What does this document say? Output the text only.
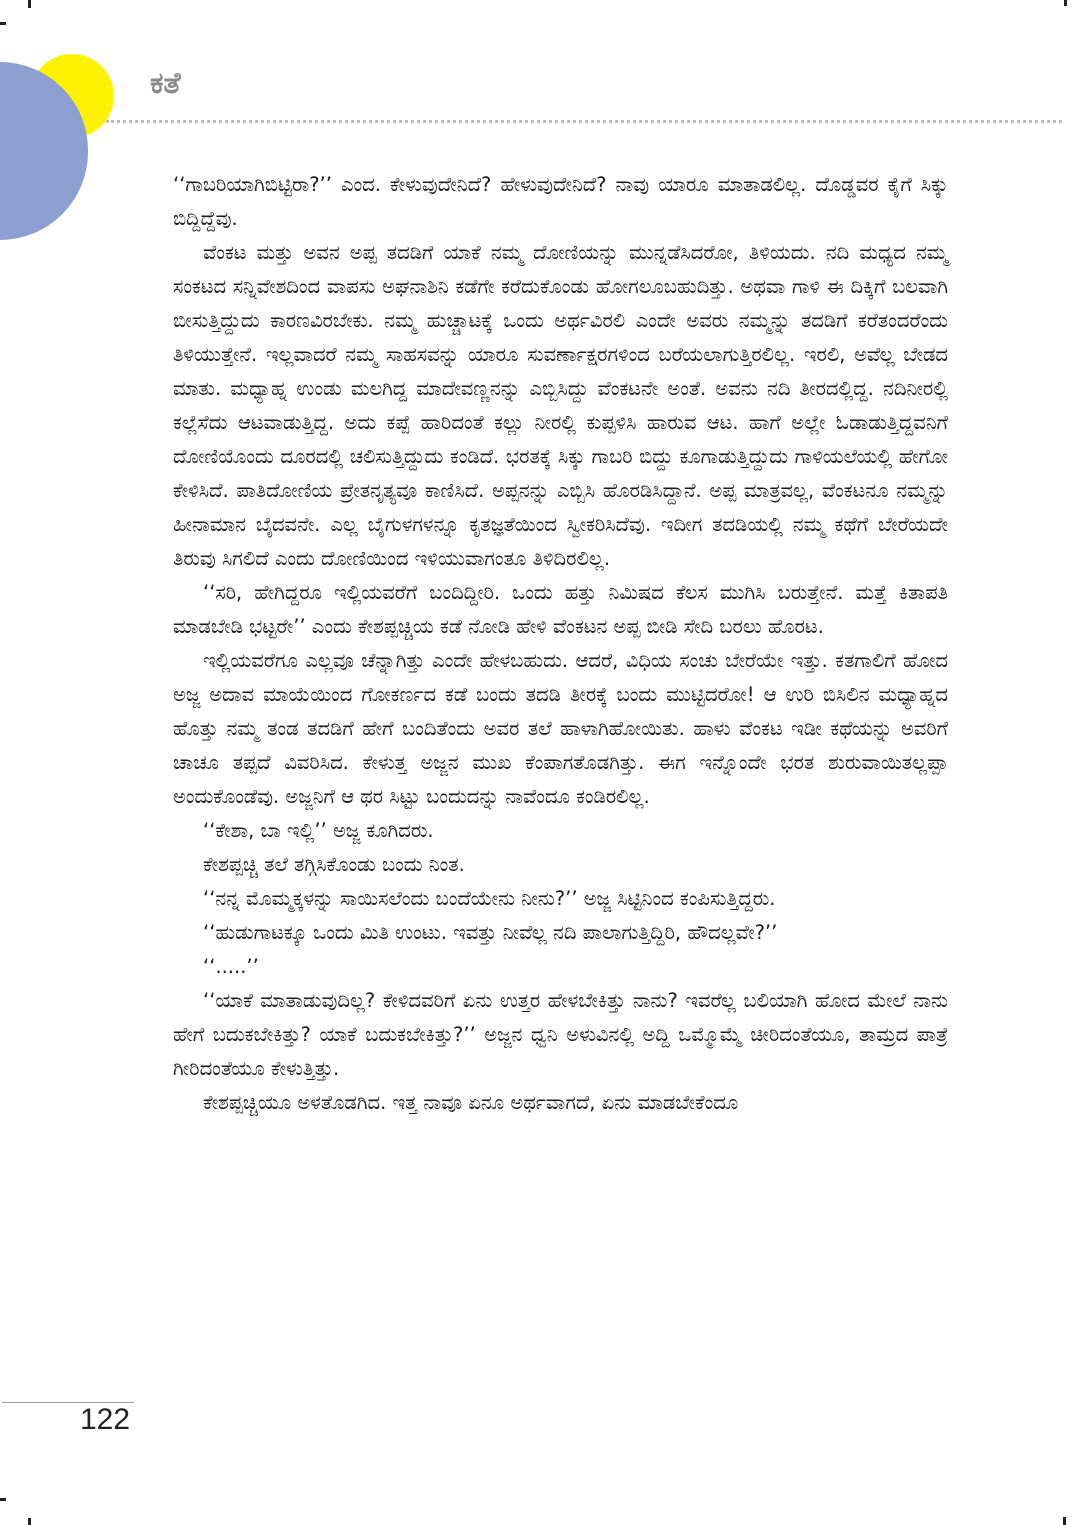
ಕತೆ

‘‘ಗಾಬರಿಯಾಗಿಬಿಟ್ಟಿರಾ?’’ ಎಂದ. ಕೇಳುವುದೇನಿದೆ? ಹೇಳುವುದೇನಿದೆ? ನಾವು ಯಾರೂ ಮಾತಾಡಲಿಲ್ಲ. ದೊಡ್ಡವರ ಕೈಗೆ ಸಿಕ್ಕು ಬಿದ್ದಿದ್ದೆವು.

ವೆಂಕಟ ಮತ್ತು ಅವನ ಅಪ್ಪ ತದಡಿಗೆ ಯಾಕೆ ನಮ್ಮ ದೋಣಿಯನ್ನು ಮುನ್ನಡೆಸಿದರೋ, ತಿಳಿಯದು. ನದಿ ಮಧ್ಯದ ನಮ್ಮ ಸಂಕಟದ ಸನ್ನಿವೇಶದಿಂದ ವಾಪಸು ಅಘನಾಶಿನಿ ಕಡೆಗೇ ಕರೆದುಕೊಂಡು ಹೋಗಲೂಬಹುದಿತ್ತು. ಅಥವಾ ಗಾಳಿ ಈ ದಿಕ್ಕಿಗೆ ಬಲವಾಗಿ ಬೀಸುತ್ತಿದ್ದುದು ಕಾರಣವಿರಬೇಕು. ನಮ್ಮ ಹುಚ್ಚಾಟಕ್ಕೆ ಒಂದು ಅರ್ಥವಿರಲಿ ಎಂದೇ ಅವರು ನಮ್ಮನ್ನು ತದಡಿಗೆ ಕರೆತಂದರೆಂದು ತಿಳಿಯುತ್ತೇನೆ. ಇಲ್ಲವಾದರೆ ನಮ್ಮ ಸಾಹಸವನ್ನು ಯಾರೂ ಸುವರ್ಣಾಕ್ಷರಗಳಿಂದ ಬರೆಯಲಾಗುತ್ತಿರಲಿಲ್ಲ. ಇರಲಿ, ಅವೆಲ್ಲ ಬೇಡದ ಮಾತು. ಮಧ್ಯಾಹ್ನ ಉಂಡು ಮಲಗಿದ್ದ ಮಾದೇವಣ್ಣನನ್ನು ಎಬ್ಬಿಸಿದ್ದು ವೆಂಕಟನೇ ಅಂತೆ. ಅವನು ನದಿ ತೀರದಲ್ಲಿದ್ದ. ನದಿನೀರಲ್ಲಿ ಕಲ್ಲೆಸೆದು ಆಟವಾಡುತ್ತಿದ್ದ. ಅದು ಕಪ್ಪೆ ಹಾರಿದಂತೆ ಕಲ್ಲು ನೀರಲ್ಲಿ ಕುಪ್ಪಳಿಸಿ ಹಾರುವ ಆಟ. ಹಾಗೆ ಅಲ್ಲೇ ಓಡಾಡುತ್ತಿದ್ದವನಿಗೆ ದೋಣಿಯೊಂದು ದೂರದಲ್ಲಿ ಚಲಿಸುತ್ತಿದ್ದುದು ಕಂಡಿದೆ. ಭರತಕ್ಕೆ ಸಿಕ್ಕು ಗಾಬರಿ ಬಿದ್ದು ಕೂಗಾಡುತ್ತಿದ್ದುದು ಗಾಳಿಯಲೆಯಲ್ಲಿ ಹೇಗೋ ಕೇಳಿಸಿದೆ. ಪಾತಿದೋಣಿಯ ಪ್ರೇತನೃತ್ಯವೂ ಕಾಣಿಸಿದೆ. ಅಪ್ಪನನ್ನು ಎಬ್ಬಿಸಿ ಹೊರಡಿಸಿದ್ದಾನೆ. ಅಪ್ಪ ಮಾತ್ರವಲ್ಲ, ವೆಂಕಟನೂ ನಮ್ಮನ್ನು ಹೀನಾಮಾನ ಬೈದವನೇ. ಎಲ್ಲ ಬೈಗುಳಗಳನ್ನೂ ಕೃತಜ್ಞತೆಯಿಂದ ಸ್ವೀಕರಿಸಿದೆವು. ಇದೀಗ ತದಡಿಯಲ್ಲಿ ನಮ್ಮ ಕಥೆಗೆ ಬೇರೆಯದೇ ತಿರುವು ಸಿಗಲಿದೆ ಎಂದು ದೋಣಿಯಿಂದ ಇಳಿಯುವಾಗಂತೂ ತಿಳಿದಿರಲಿಲ್ಲ.

‘‘ಸರಿ, ಹೇಗಿದ್ದರೂ ಇಲ್ಲಿಯವರೆಗೆ ಬಂದಿದ್ದೀರಿ. ಒಂದು ಹತ್ತು ನಿಮಿಷದ ಕೆಲಸ ಮುಗಿಸಿ ಬರುತ್ತೇನೆ. ಮತ್ತೆ ಕಿತಾಪತಿ ಮಾಡಬೇಡಿ ಭಟ್ಟರೇ’’ ಎಂದು ಕೇಶಪ್ಪಚ್ಚಿಯ ಕಡೆ ನೋಡಿ ಹೇಳಿ ವೆಂಕಟನ ಅಪ್ಪ ಬೀಡಿ ಸೇದಿ ಬರಲು ಹೊರಟ.

ಇಲ್ಲಿಯವರೆಗೂ ಎಲ್ಲವೂ ಚೆನ್ನಾಗಿತ್ತು ಎಂದೇ ಹೇಳಬಹುದು. ಆದರೆ, ವಿಧಿಯ ಸಂಚು ಬೇರೆಯೇ ಇತ್ತು. ಕತಗಾಲಿಗೆ ಹೋದ ಅಜ್ಜ ಅದಾವ ಮಾಯೆಯಿಂದ ಗೋಕರ್ಣದ ಕಡೆ ಬಂದು ತದಡಿ ತೀರಕ್ಕೆ ಬಂದು ಮುಟ್ಟಿದರೋ! ಆ ಉರಿ ಬಿಸಿಲಿನ ಮಧ್ಯಾಹ್ನದ ಹೊತ್ತು ನಮ್ಮ ತಂಡ ತದಡಿಗೆ ಹೇಗೆ ಬಂದಿತೆಂದು ಅವರ ತಲೆ ಹಾಳಾಗಿಹೋಯಿತು. ಹಾಳು ವೆಂಕಟ ಇಡೀ ಕಥೆಯನ್ನು ಅವರಿಗೆ ಚಾಚೂ ತಪ್ಪದೆ ವಿವರಿಸಿದ. ಕೇಳುತ್ತ ಅಜ್ಜನ ಮುಖ ಕೆಂಪಾಗತೊಡಗಿತ್ತು. ಈಗ ಇನ್ನೊಂದೇ ಭರತ ಶುರುವಾಯಿತಲ್ಲಪ್ಪಾ ಅಂದುಕೊಂಡೆವು. ಅಜ್ಜನಿಗೆ ಆ ಥರ ಸಿಟ್ಟು ಬಂದುದನ್ನು ನಾವೆಂದೂ ಕಂಡಿರಲಿಲ್ಲ.

‘‘ಕೇಶಾ, ಬಾ ಇಲ್ಲಿ’’ ಅಜ್ಜ ಕೂಗಿದರು.

ಕೇಶಪ್ಪಚ್ಚಿ ತಲೆ ತಗ್ಗಿಸಿಕೊಂಡು ಬಂದು ನಿಂತ.

‘‘ನನ್ನ ಮೊಮ್ಮಕ್ಕಳನ್ನು ಸಾಯಿಸಲೆಂದು ಬಂದೆಯೇನು ನೀನು?’’ ಅಜ್ಜ ಸಿಟ್ಟಿನಿಂದ ಕಂಪಿಸುತ್ತಿದ್ದರು.

‘‘ಹುಡುಗಾಟಕ್ಕೂ ಒಂದು ಮಿತಿ ಉಂಟು. ಇವತ್ತು ನೀವೆಲ್ಲ ನದಿ ಪಾಲಾಗುತ್ತಿದ್ದಿರಿ, ಹೌದಲ್ಲವೇ?’’

‘‘.....’’

‘‘ಯಾಕೆ ಮಾತಾಡುವುದಿಲ್ಲ? ಕೇಳಿದವರಿಗೆ ಏನು ಉತ್ತರ ಹೇಳಬೇಕಿತ್ತು ನಾನು? ಇವರೆಲ್ಲ ಬಲಿಯಾಗಿ ಹೋದ ಮೇಲೆ ನಾನು ಹೇಗೆ ಬದುಕಬೇಕಿತ್ತು? ಯಾಕೆ ಬದುಕಬೇಕಿತ್ತು?’’ ಅಜ್ಜನ ಧ್ವನಿ ಅಳುವಿನಲ್ಲಿ ಅದ್ದಿ ಒಮ್ಮೊಮ್ಮೆ ಚೀರಿದಂತೆಯೂ, ತಾಮ್ರದ ಪಾತ್ರೆ ಗೀರಿದಂತೆಯೂ ಕೇಳುತ್ತಿತ್ತು.

ಕೇಶಪ್ಪಚ್ಚಿಯೂ ಅಳತೊಡಗಿದ. ಇತ್ತ ನಾವೂ ಏನೂ ಅರ್ಥವಾಗದೆ, ಏನು ಮಾಡಬೇಕೆಂದೂ

122
